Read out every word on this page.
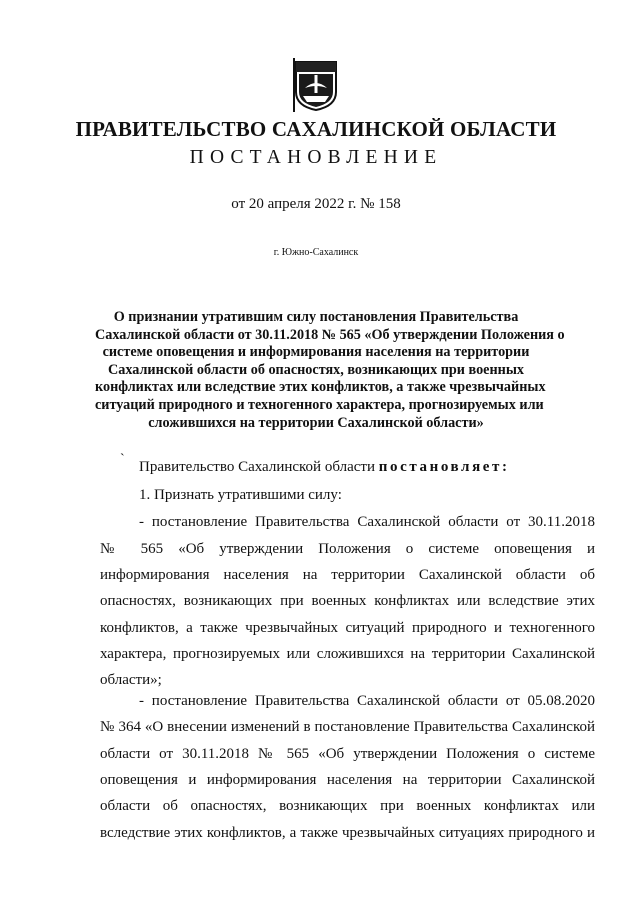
ПРАВИТЕЛЬСТВО САХАЛИНСКОЙ ОБЛАСТИ
ПОСТАНОВЛЕНИЕ
от 20 апреля 2022 г. № 158
г. Южно-Сахалинск
О признании утратившим силу постановления Правительства
Сахалинской области от 30.11.2018 № 565 «Об утверждении Положения о
системе оповещения и информирования населения на территории
Сахалинской области об опасностях, возникающих при военных
конфликтах или вследствие этих конфликтов, а также чрезвычайных
ситуаций природного и техногенного характера, прогнозируемых или
сложившихся на территории Сахалинской области»
` Правительство Сахалинской области постановляет:
1. Признать утратившими силу:
- постановление Правительства Сахалинской области от 30.11.2018
№ 565 «Об утверждении Положения о системе оповещения и
информирования населения на территории Сахалинской области об
опасностях, возникающих при военных конфликтах или вследствие этих
конфликтов, а также чрезвычайных ситуаций природного и техногенного
характера, прогнозируемых или сложившихся на территории Сахалинской
области»;
- постановление Правительства Сахалинской области от 05.08.2020
№ 364 «О внесении изменений в постановление Правительства Сахалинской
области от 30.11.2018 № 565 «Об утверждении Положения о системе
оповещения и информирования населения на территории Сахалинской
области об опасностях, возникающих при военных конфликтах или
вследствие этих конфликтов, а также чрезвычайных ситуациях природного и
